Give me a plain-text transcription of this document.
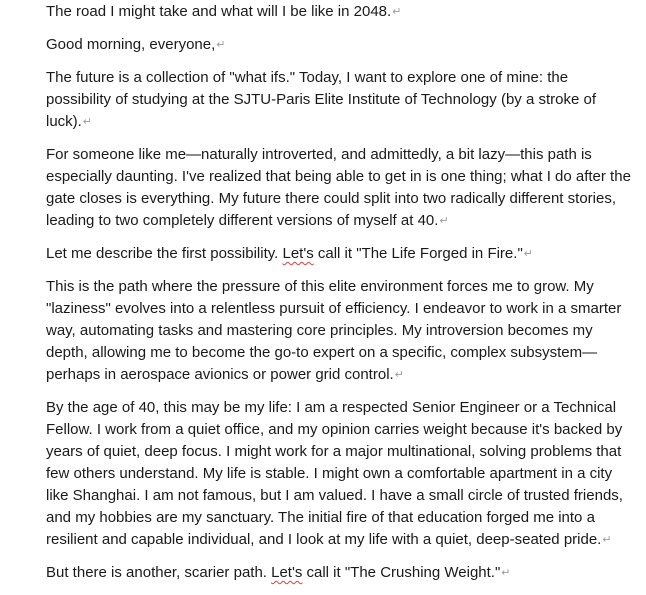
The road I might take and what will I be like in 2048.↵

Good morning, everyone,↵

The future is a collection of "what ifs." Today, I want to explore one of mine: the possibility of studying at the SJTU-Paris Elite Institute of Technology (by a stroke of luck).↵

For someone like me—naturally introverted, and admittedly, a bit lazy—this path is especially daunting. I've realized that being able to get in is one thing; what I do after the gate closes is everything. My future there could split into two radically different stories, leading to two completely different versions of myself at 40.↵

Let me describe the first possibility. Let's call it "The Life Forged in Fire."↵

This is the path where the pressure of this elite environment forces me to grow. My "laziness" evolves into a relentless pursuit of efficiency. I endeavor to work in a smarter way, automating tasks and mastering core principles. My introversion becomes my depth, allowing me to become the go-to expert on a specific, complex subsystem—perhaps in aerospace avionics or power grid control.↵

By the age of 40, this may be my life: I am a respected Senior Engineer or a Technical Fellow. I work from a quiet office, and my opinion carries weight because it's backed by years of quiet, deep focus. I might work for a major multinational, solving problems that few others understand. My life is stable. I might own a comfortable apartment in a city like Shanghai. I am not famous, but I am valued. I have a small circle of trusted friends, and my hobbies are my sanctuary. The initial fire of that education forged me into a resilient and capable individual, and I look at my life with a quiet, deep-seated pride.↵

But there is another, scarier path. Let's call it "The Crushing Weight."↵
